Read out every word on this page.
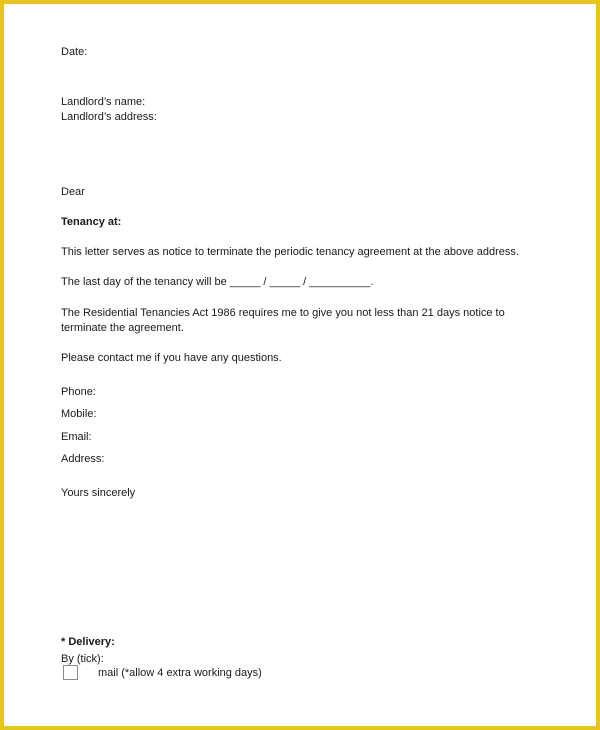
Date:
Landlord’s name:
Landlord’s address:
Dear
Tenancy at:
This letter serves as notice to terminate the periodic tenancy agreement at the above address.
The last day of the tenancy will be _____ / _____ / __________.
The Residential Tenancies Act 1986 requires me to give you not less than 21 days notice to
terminate the agreement.
Please contact me if you have any questions.
Phone:
Mobile:
Email:
Address:
Yours sincerely
* Delivery:
By (tick):
mail (*allow 4 extra working days)
